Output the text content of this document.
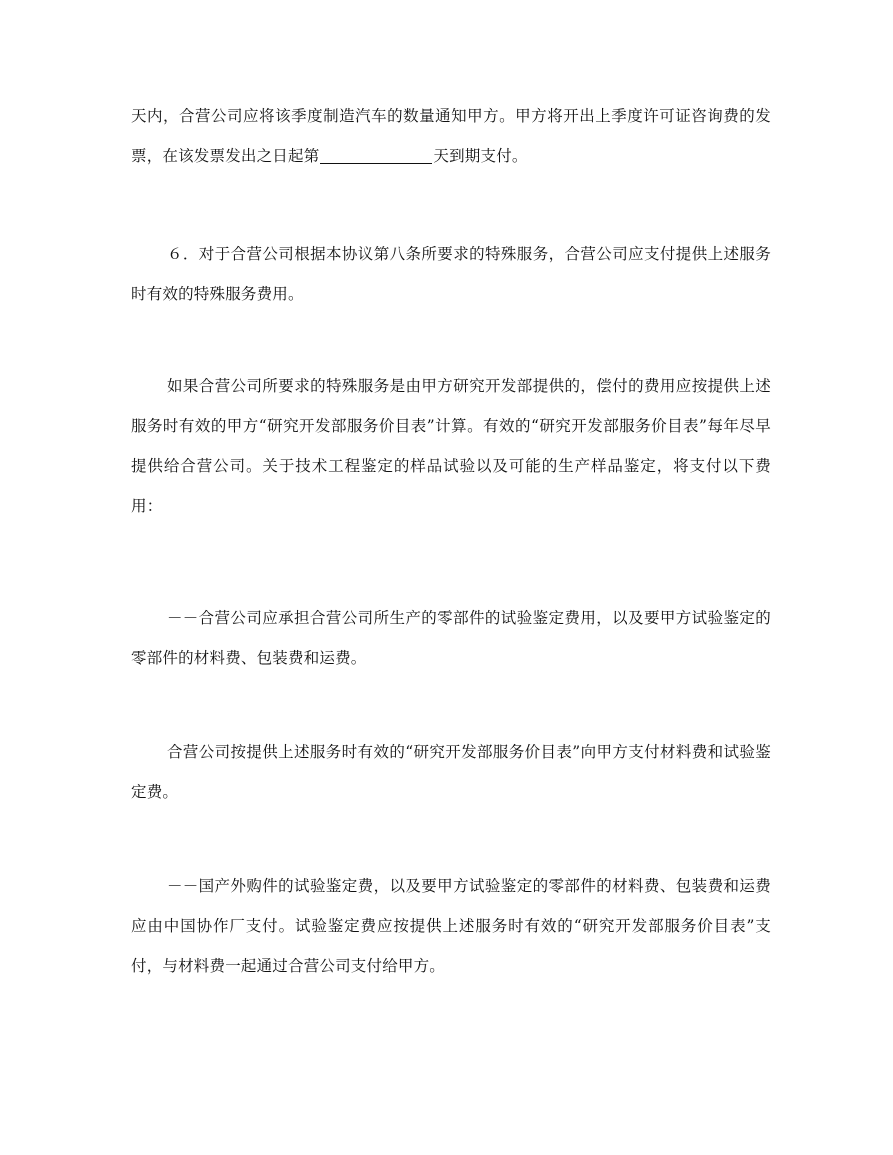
天内，合营公司应将该季度制造汽车的数量通知甲方。甲方将开出上季度许可证咨询费的发票，在该发票发出之日起第	天到期支付。

６．对于合营公司根据本协议第八条所要求的特殊服务，合营公司应支付提供上述服务时有效的特殊服务费用。

如果合营公司所要求的特殊服务是由甲方研究开发部提供的，偿付的费用应按提供上述服务时有效的甲方“研究开发部服务价目表”计算。有效的“研究开发部服务价目表”每年尽早提供给合营公司。关于技术工程鉴定的样品试验以及可能的生产样品鉴定，将支付以下费用：

－－合营公司应承担合营公司所生产的零部件的试验鉴定费用，以及要甲方试验鉴定的零部件的材料费、包装费和运费。

合营公司按提供上述服务时有效的“研究开发部服务价目表”向甲方支付材料费和试验鉴定费。

－－国产外购件的试验鉴定费，以及要甲方试验鉴定的零部件的材料费、包装费和运费应由中国协作厂支付。试验鉴定费应按提供上述服务时有效的“研究开发部服务价目表”支付，与材料费一起通过合营公司支付给甲方。
